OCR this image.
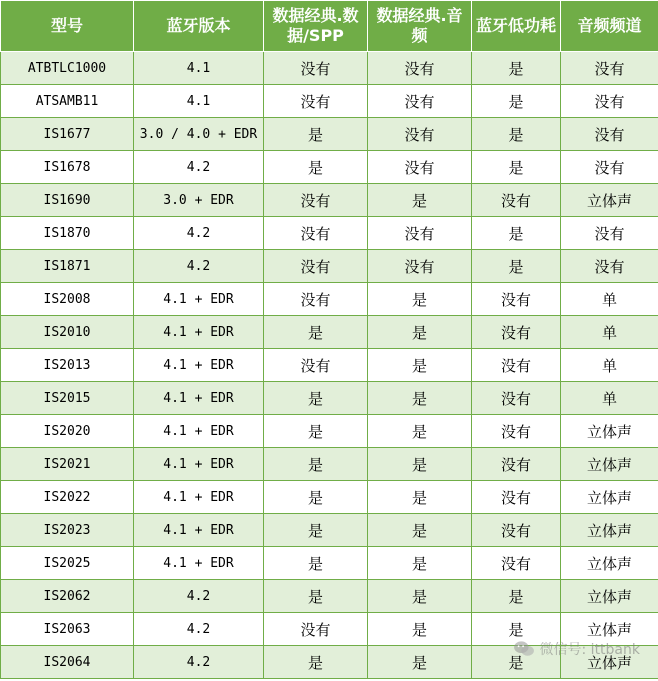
型号	蓝牙版本	数据经典.数据/SPP	数据经典.音频	蓝牙低功耗	音频频道
ATBTLC1000	4.1	没有	没有	是	没有
ATSAMB11	4.1	没有	没有	是	没有
IS1677	3.0 / 4.0 + EDR	是	没有	是	没有
IS1678	4.2	是	没有	是	没有
IS1690	3.0 + EDR	没有	是	没有	立体声
IS1870	4.2	没有	没有	是	没有
IS1871	4.2	没有	没有	是	没有
IS2008	4.1 + EDR	没有	是	没有	单
IS2010	4.1 + EDR	是	是	没有	单
IS2013	4.1 + EDR	没有	是	没有	单
IS2015	4.1 + EDR	是	是	没有	单
IS2020	4.1 + EDR	是	是	没有	立体声
IS2021	4.1 + EDR	是	是	没有	立体声
IS2022	4.1 + EDR	是	是	没有	立体声
IS2023	4.1 + EDR	是	是	没有	立体声
IS2025	4.1 + EDR	是	是	没有	立体声
IS2062	4.2	是	是	是	立体声
IS2063	4.2	没有	是	是	立体声
IS2064	4.2	是	是	是	立体声
微信号: ittbank
